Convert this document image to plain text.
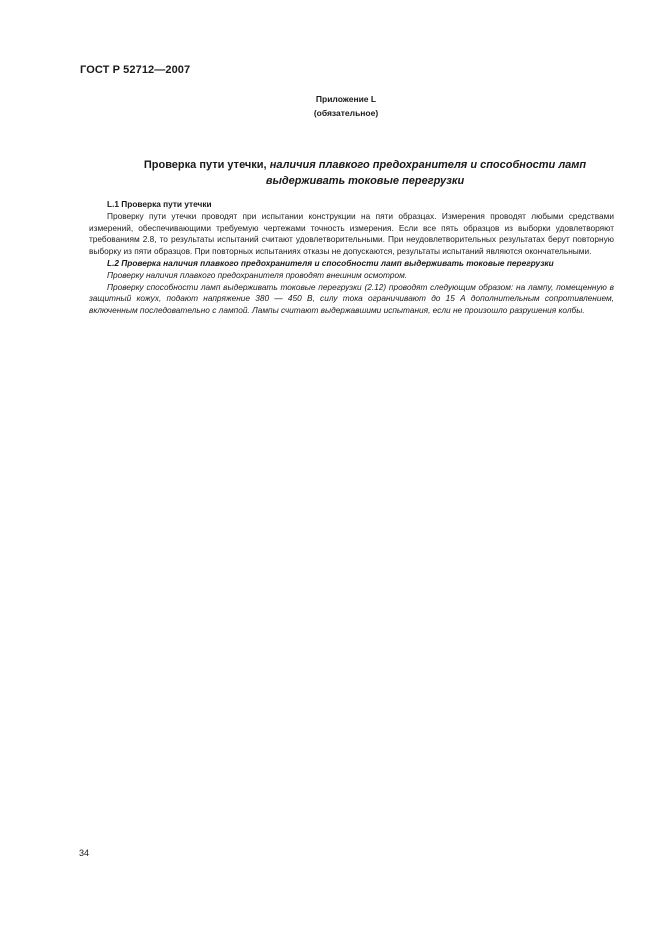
ГОСТ Р 52712—2007
Приложение L
(обязательное)
Проверка пути утечки, наличия плавкого предохранителя и способности ламп
выдерживать токовые перегрузки

L.1 Проверка пути утечки

Проверку пути утечки проводят при испытании конструкции на пяти образцах. Измерения проводят любыми средствами измерений, обеспечивающими требуемую чертежами точность измерения. Если все пять образцов из выборки удовлетворяют требованиям 2.8, то результаты испытаний считают удовлетворительными. При неудовлетворительных результатах берут повторную выборку из пяти образцов. При повторных испытаниях отказы не допускаются, результаты испытаний являются окончательными.

L.2 Проверка наличия плавкого предохранителя и способности ламп выдерживать токовые перегрузки

Проверку наличия плавкого предохранителя проводят внешним осмотром.

Проверку способности ламп выдерживать токовые перегрузки (2.12) проводят следующим образом: на лампу, помещенную в защитный кожух, подают напряжение 380 — 450 В, силу тока ограничивают до 15 А дополнительным сопротивлением, включенным последовательно с лампой. Лампы считают выдержавшими испытания, если не произошло разрушения колбы.

34
